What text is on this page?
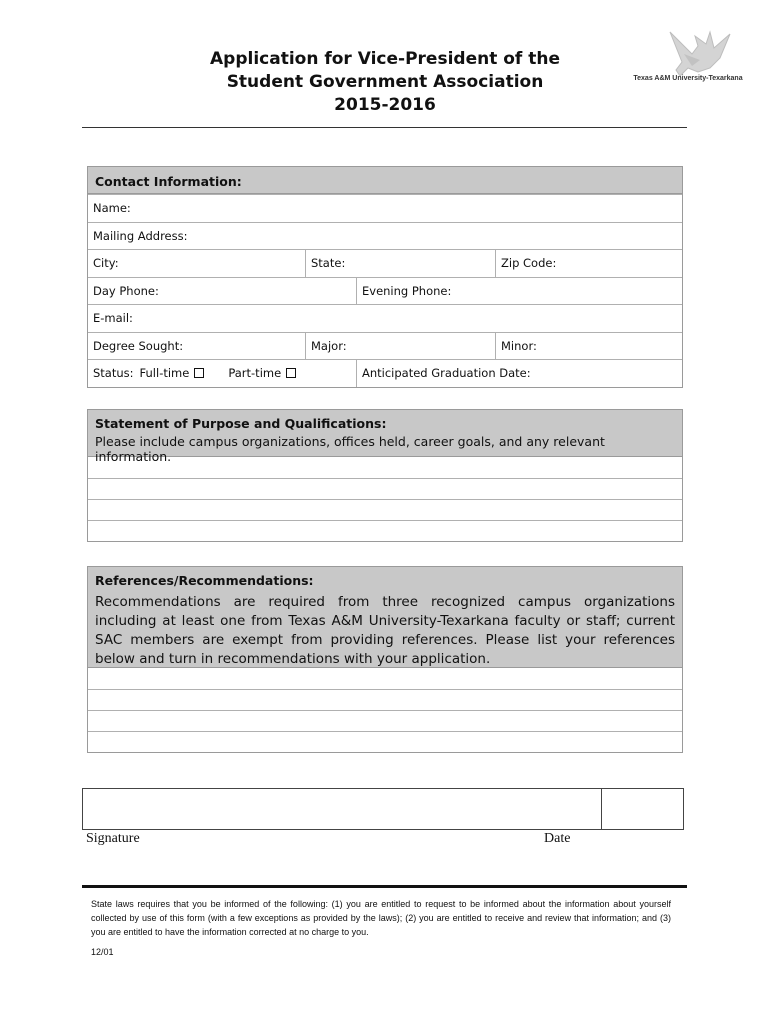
Application for Vice-President of the
Student Government Association
2015-2016
Texas A&M University-Texarkana
Contact Information:
Name:
Mailing Address:
City:	State:	Zip Code:
Day Phone:	Evening Phone:
E-mail:
Degree Sought:	Major:	Minor:
Status: Full-time	Part-time	Anticipated Graduation Date:
Statement of Purpose and Qualifications:
Please include campus organizations, offices held, career goals, and any relevant information.
References/Recommendations:
Recommendations are required from three recognized campus organizations including at least one from Texas A&M University-Texarkana faculty or staff; current SAC members are exempt from providing references. Please list your references below and turn in recommendations with your application.
Signature	Date
State laws requires that you be informed of the following: (1) you are entitled to request to be informed about the information about yourself collected by use of this form (with a few exceptions as provided by the laws); (2) you are entitled to receive and review that information; and (3) you are entitled to have the information corrected at no charge to you.
12/01
